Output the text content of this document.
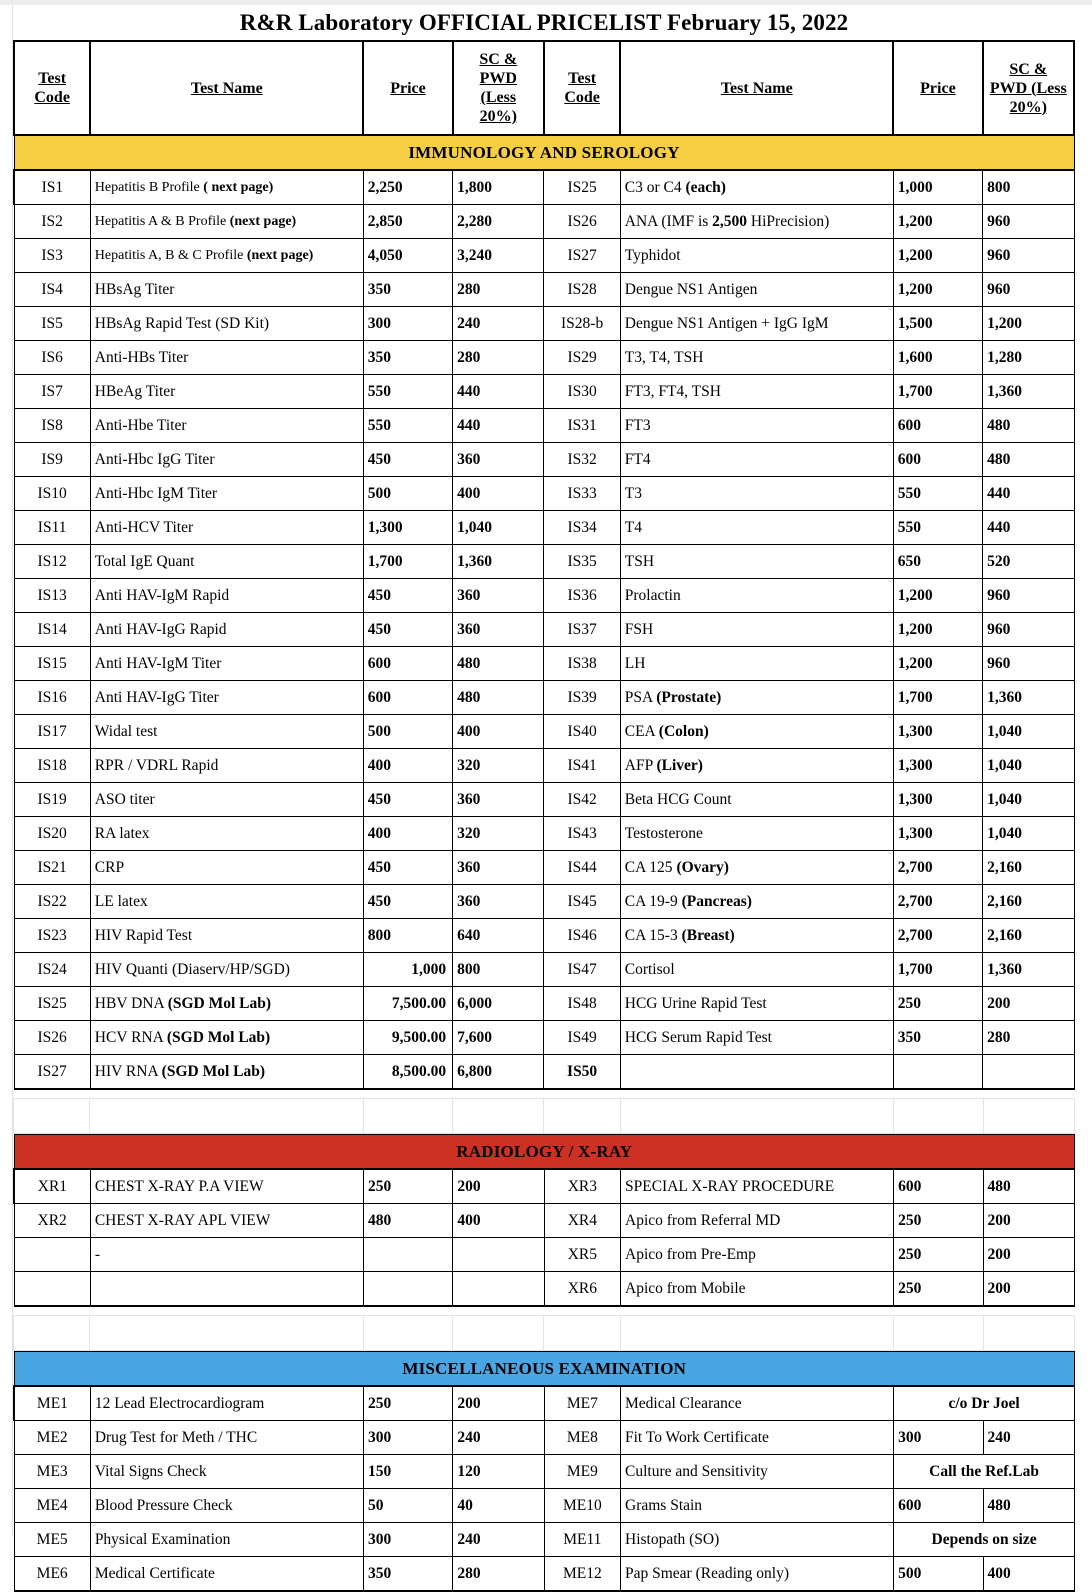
R&R Laboratory OFFICIAL PRICELIST February 15, 2022
Test
Code	Test Name	Price	SC &
PWD
(Less
20%)	Test
Code	Test Name	Price	SC &
PWD (Less
20%)
IMMUNOLOGY AND SEROLOGY							
IS1	Hepatitis B Profile ( next page)	2,250	1,800	IS25	C3 or C4 (each)	1,000	800
IS2	Hepatitis A & B Profile (next page)	2,850	2,280	IS26	ANA (IMF is 2,500 HiPrecision)	1,200	960
IS3	Hepatitis A, B & C Profile (next page)	4,050	3,240	IS27	Typhidot	1,200	960
IS4	HBsAg Titer	350	280	IS28	Dengue NS1 Antigen	1,200	960
IS5	HBsAg Rapid Test (SD Kit)	300	240	IS28-b	Dengue NS1 Antigen + IgG IgM	1,500	1,200
IS6	Anti-HBs Titer	350	280	IS29	T3, T4, TSH	1,600	1,280
IS7	HBeAg Titer	550	440	IS30	FT3, FT4, TSH	1,700	1,360
IS8	Anti-Hbe Titer	550	440	IS31	FT3	600	480
IS9	Anti-Hbc IgG Titer	450	360	IS32	FT4	600	480
IS10	Anti-Hbc IgM Titer	500	400	IS33	T3	550	440
IS11	Anti-HCV Titer	1,300	1,040	IS34	T4	550	440
IS12	Total IgE Quant	1,700	1,360	IS35	TSH	650	520
IS13	Anti HAV-IgM Rapid	450	360	IS36	Prolactin	1,200	960
IS14	Anti HAV-IgG Rapid	450	360	IS37	FSH	1,200	960
IS15	Anti HAV-IgM Titer	600	480	IS38	LH	1,200	960
IS16	Anti HAV-IgG Titer	600	480	IS39	PSA (Prostate)	1,700	1,360
IS17	Widal test	500	400	IS40	CEA (Colon)	1,300	1,040
IS18	RPR / VDRL Rapid	400	320	IS41	AFP (Liver)	1,300	1,040
IS19	ASO titer	450	360	IS42	Beta HCG Count	1,300	1,040
IS20	RA latex	400	320	IS43	Testosterone	1,300	1,040
IS21	CRP	450	360	IS44	CA 125 (Ovary)	2,700	2,160
IS22	LE latex	450	360	IS45	CA 19-9 (Pancreas)	2,700	2,160
IS23	HIV Rapid Test	800	640	IS46	CA 15-3 (Breast)	2,700	2,160
IS24	HIV Quanti (Diaserv/HP/SGD)	1,000	800	IS47	Cortisol	1,700	1,360
IS25	HBV DNA (SGD Mol Lab)	7,500.00	6,000	IS48	HCG Urine Rapid Test	250	200
IS26	HCV RNA (SGD Mol Lab)	9,500.00	7,600	IS49	HCG Serum Rapid Test	350	280
IS27	HIV RNA (SGD Mol Lab)	8,500.00	6,800	IS50			

RADIOLOGY / X-RAY							
XR1	CHEST X-RAY P.A VIEW	250	200	XR3	SPECIAL X-RAY PROCEDURE	600	480
XR2	CHEST X-RAY APL VIEW	480	400	XR4	Apico from Referral MD	250	200
	-			XR5	Apico from Pre-Emp	250	200
				XR6	Apico from Mobile	250	200

MISCELLANEOUS EXAMINATION							
ME1	12 Lead Electrocardiogram	250	200	ME7	Medical Clearance	c/o Dr Joel	
ME2	Drug Test for Meth / THC	300	240	ME8	Fit To Work Certificate	300	240
ME3	Vital Signs Check	150	120	ME9	Culture and Sensitivity	Call the Ref.Lab	
ME4	Blood Pressure Check	50	40	ME10	Grams Stain	600	480
ME5	Physical Examination	300	240	ME11	Histopath (SO)	Depends on size	
ME6	Medical Certificate	350	280	ME12	Pap Smear (Reading only)	500	400
